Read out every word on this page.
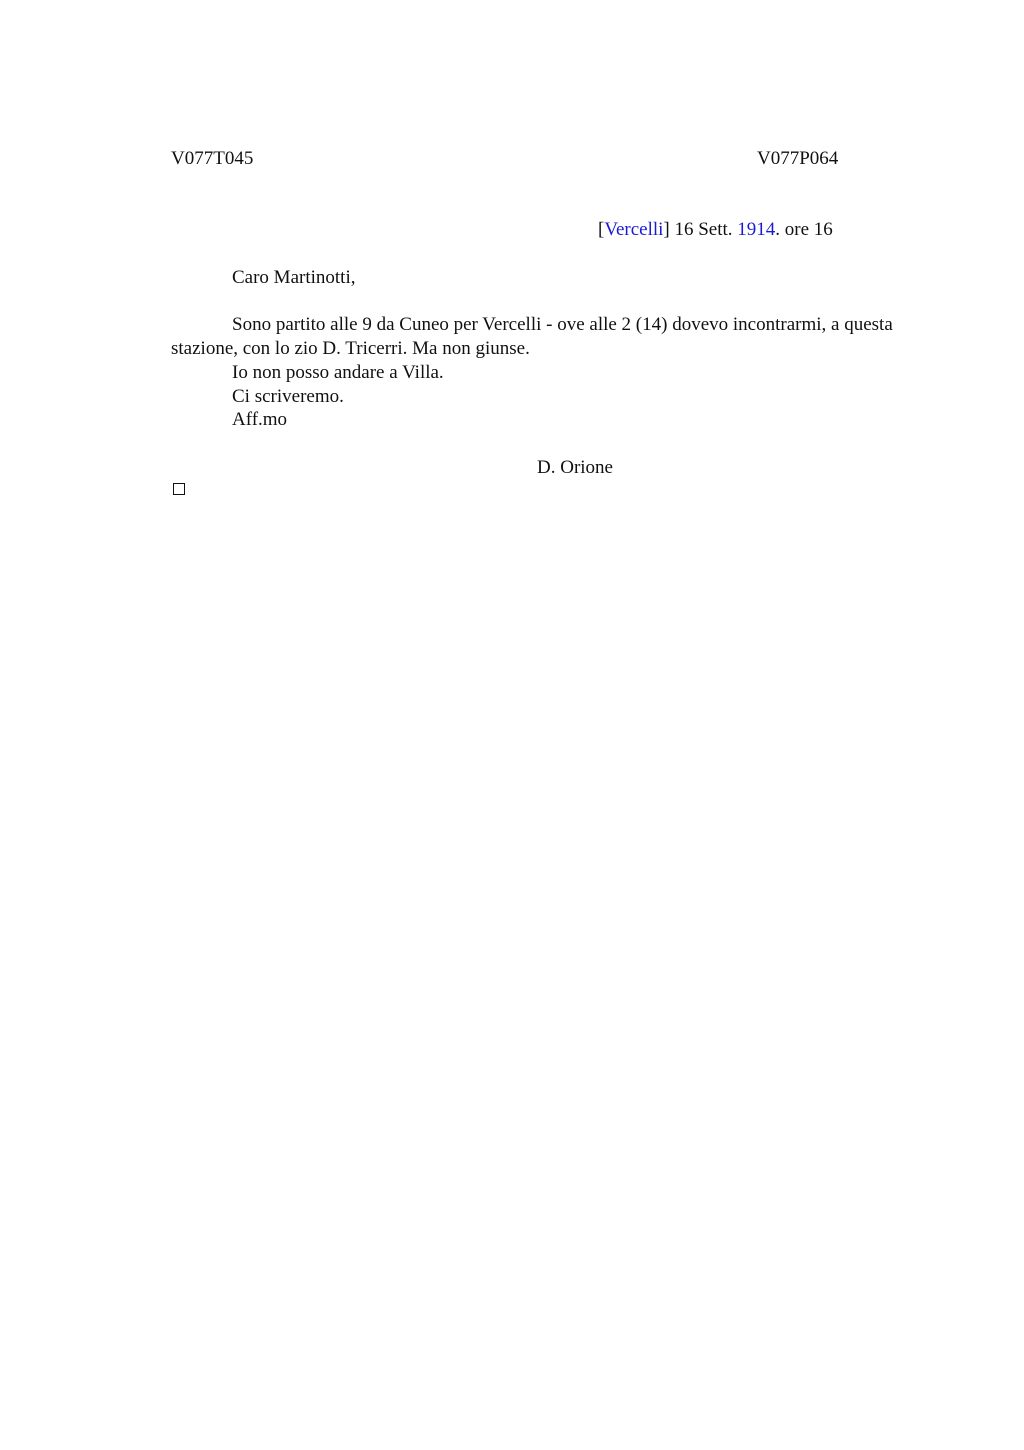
V077T045	V077P064
[Vercelli] 16 Sett. 1914. ore 16
Caro Martinotti,
Sono partito alle 9 da Cuneo per Vercelli - ove alle 2 (14) dovevo incontrarmi, a questa stazione, con lo zio D. Tricerri. Ma non giunse.
Io non posso andare a Villa.
Ci scriveremo.
Aff.mo
D. Orione
